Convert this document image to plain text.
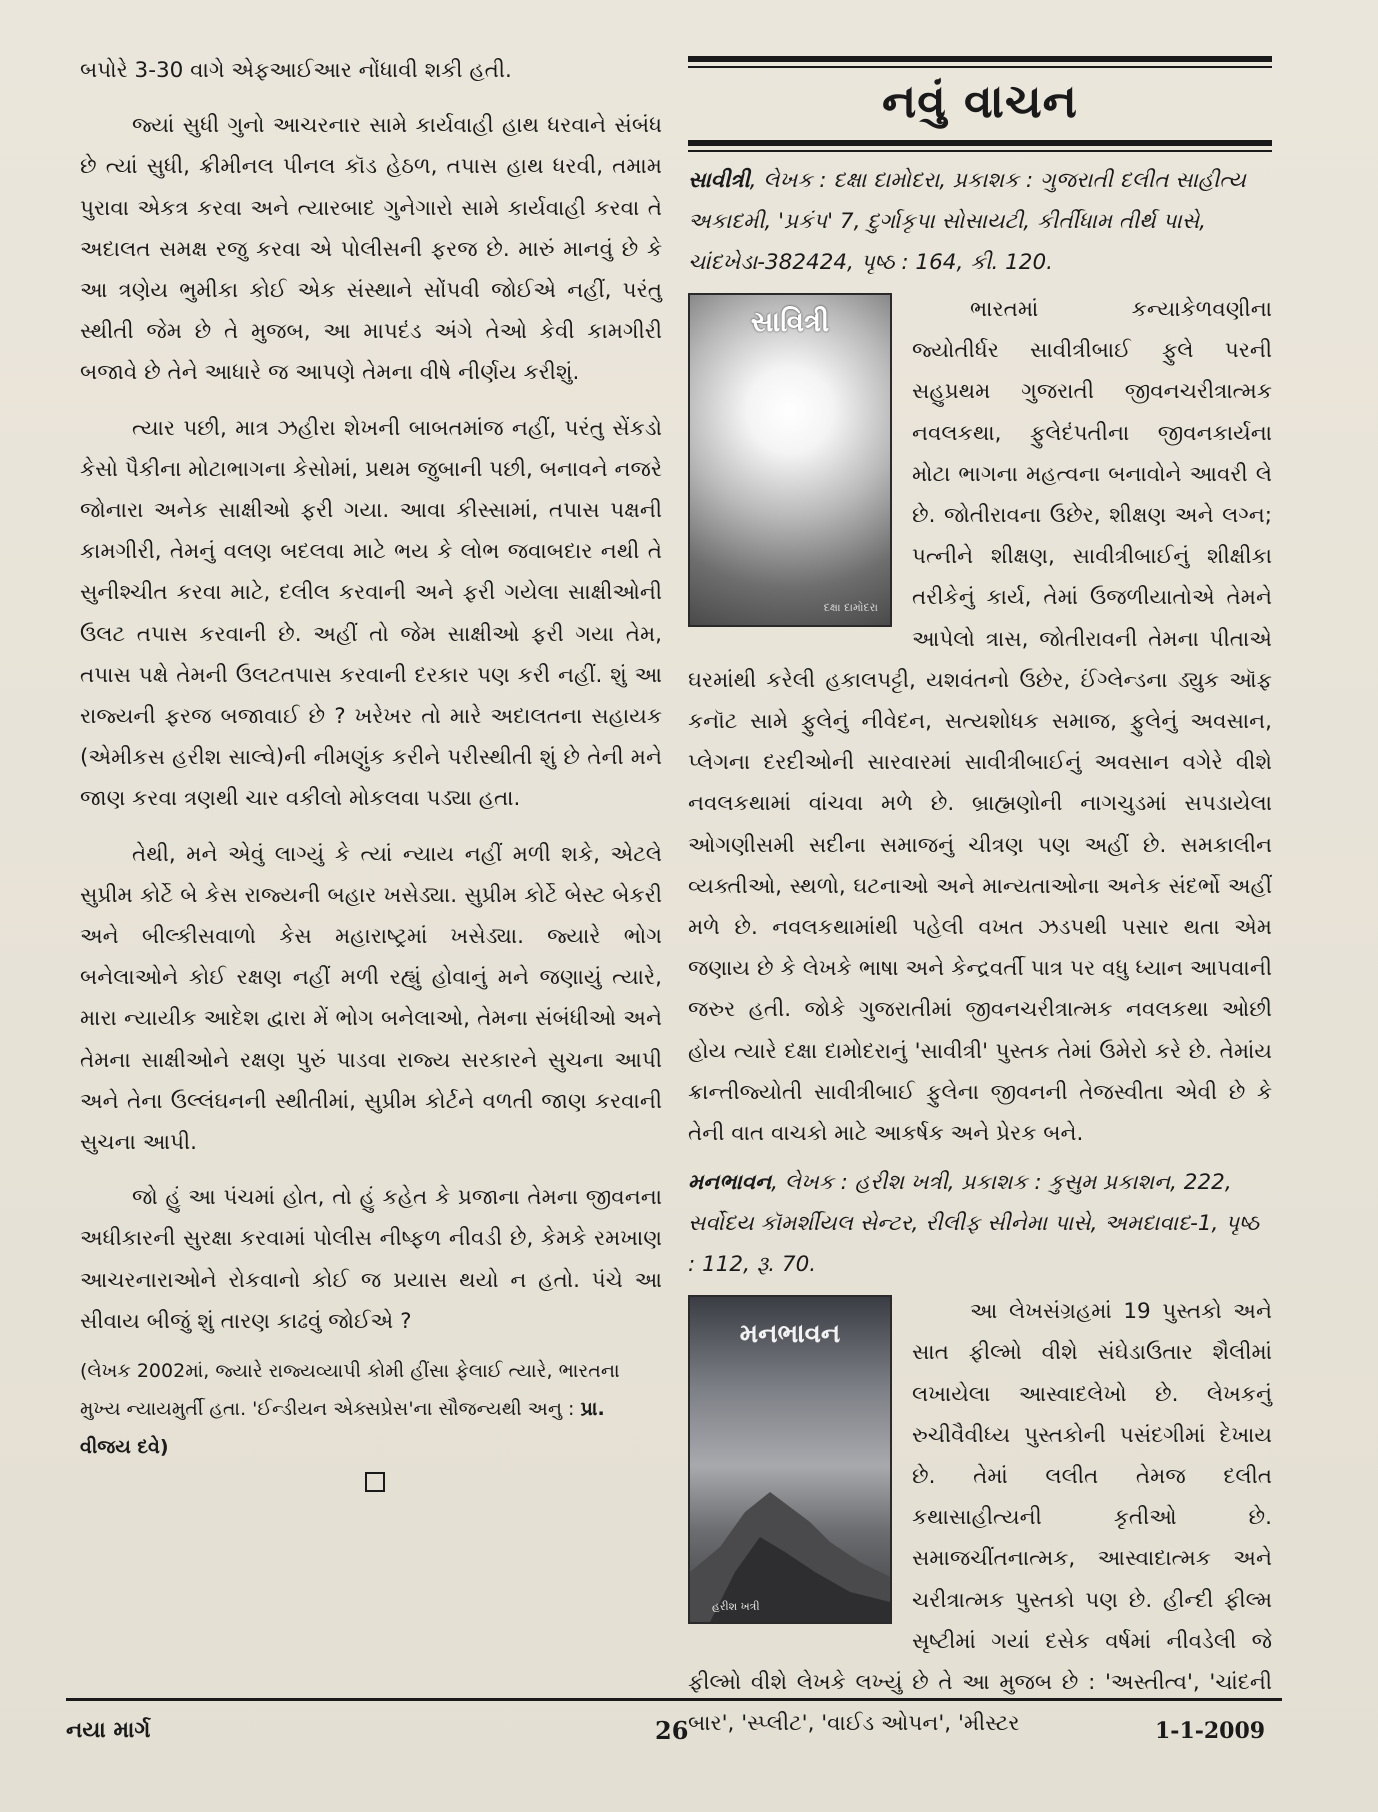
બપોરે 3-30 વાગે એફઆઈઆર નોંધાવી શકી હતી.

જ્યાં સુધી ગુનો આચરનાર સામે કાર્યવાહી હાથ ધરવાને સંબંધ છે ત્યાં સુધી, ક્રીમીનલ પીનલ કૉડ હેઠળ, તપાસ હાથ ધરવી, તમામ પુરાવા એકત્ર કરવા અને ત્યારબાદ ગુનેગારો સામે કાર્યવાહી કરવા તે અદાલત સમક્ષ રજુ કરવા એ પોલીસની ફરજ છે. મારું માનવું છે કે આ ત્રણેય ભુમીકા કોઈ એક સંસ્થાને સોંપવી જોઈએ નહીં, પરંતુ સ્થીતી જેમ છે તે મુજબ, આ માપદંડ અંગે તેઓ કેવી કામગીરી બજાવે છે તેને આધારે જ આપણે તેમના વીષે નીર્ણય કરીશું.

ત્યાર પછી, માત્ર ઝહીરા શેખની બાબતમાંજ નહીં, પરંતુ સેંકડો કેસો પૈકીના મોટાભાગના કેસોમાં, પ્રથમ જુબાની પછી, બનાવને નજરે જોનારા અનેક સાક્ષીઓ ફરી ગયા. આવા કીસ્સામાં, તપાસ પક્ષની કામગીરી, તેમનું વલણ બદલવા માટે ભય કે લોભ જવાબદાર નથી તે સુનીશ્ચીત કરવા માટે, દલીલ કરવાની અને ફરી ગયેલા સાક્ષીઓની ઉલટ તપાસ કરવાની છે. અહીં તો જેમ સાક્ષીઓ ફરી ગયા તેમ, તપાસ પક્ષે તેમની ઉલટતપાસ કરવાની દરકાર પણ કરી નહીં. શું આ રાજ્યની ફરજ બજાવાઈ છે ? ખરેખર તો મારે અદાલતના સહાયક (એમીકસ હરીશ સાલ્વે)ની નીમણુંક કરીને પરીસ્થીતી શું છે તેની મને જાણ કરવા ત્રણથી ચાર વકીલો મોકલવા પડ્યા હતા.

તેથી, મને એવું લાગ્યું કે ત્યાં ન્યાય નહીં મળી શકે, એટલે સુપ્રીમ કોર્ટે બે કેસ રાજ્યની બહાર ખસેડ્યા. સુપ્રીમ કોર્ટે બેસ્ટ બેકરી અને બીલ્કીસવાળો કેસ મહારાષ્ટ્રમાં ખસેડ્યા. જ્યારે ભોગ બનેલાઓને કોઈ રક્ષણ નહીં મળી રહ્યું હોવાનું મને જણાયું ત્યારે, મારા ન્યાયીક આદેશ દ્વારા મેં ભોગ બનેલાઓ, તેમના સંબંધીઓ અને તેમના સાક્ષીઓને રક્ષણ પુરું પાડવા રાજ્ય સરકારને સુચના આપી અને તેના ઉલ્લંઘનની સ્થીતીમાં, સુપ્રીમ કોર્ટને વળતી જાણ કરવાની સુચના આપી.

જો હું આ પંચમાં હોત, તો હું કહેત કે પ્રજાના તેમના જીવનના અધીકારની સુરક્ષા કરવામાં પોલીસ નીષ્ફળ નીવડી છે, કેમકે રમખાણ આચરનારાઓને રોકવાનો કોઈ જ પ્રયાસ થયો ન હતો. પંચે આ સીવાય બીજું શું તારણ કાઢવું જોઈએ ?

(લેખક 2002માં, જ્યારે રાજ્યવ્યાપી કોમી હીંસા ફેલાઈ ત્યારે, ભારતના મુખ્ય ન્યાયમુર્તી હતા. 'ઈન્ડીયન એક્સપ્રેસ'ના સૌજન્યથી અનુ : પ્રા. વીજય દવે)

નવું વાચન

સાવીત્રી, લેખક : દક્ષા દામોદરા, પ્રકાશક : ગુજરાતી દલીત સાહીત્ય અકાદમી, 'પ્રકંપ' 7, દુર્ગાકૃપા સોસાયટી, કીર્તીધામ તીર્થ પાસે, ચાંદખેડા-382424, પૃષ્ઠ : 164, કી. 120.

સાવિત્રી
દક્ષા દામોદરા

ભારતમાં કન્યાકેળવણીના જ્યોતીર્ધર સાવીત્રીબાઈ ફુલે પરની સહુપ્રથમ ગુજરાતી જીવનચરીત્રાત્મક નવલકથા, ફુલેદંપતીના જીવનકાર્યના મોટા ભાગના મહત્વના બનાવોને આવરી લે છે. જોતીરાવના ઉછેર, શીક્ષણ અને લગ્ન; પત્નીને શીક્ષણ, સાવીત્રીબાઈનું શીક્ષીકા તરીકેનું કાર્ય, તેમાં ઉજળીયાતોએ તેમને આપેલો ત્રાસ, જોતીરાવની તેમના પીતાએ ઘરમાંથી કરેલી હકાલપટ્ટી, યશવંતનો ઉછેર, ઈંગ્લેન્ડના ડ્યુક ઑફ કનૉટ સામે ફુલેનું નીવેદન, સત્યશોધક સમાજ, ફુલેનું અવસાન, પ્લેગના દરદીઓની સારવારમાં સાવીત્રીબાઈનું અવસાન વગેરે વીશે નવલકથામાં વાંચવા મળે છે. બ્રાહ્મણોની નાગચુડમાં સપડાયેલા ઓગણીસમી સદીના સમાજનું ચીત્રણ પણ અહીં છે. સમકાલીન વ્યક્તીઓ, સ્થળો, ઘટનાઓ અને માન્યતાઓના અનેક સંદર્ભો અહીં મળે છે. નવલકથામાંથી પહેલી વખત ઝડપથી પસાર થતા એમ જણાય છે કે લેખકે ભાષા અને કેન્દ્રવર્તી પાત્ર પર વધુ ધ્યાન આપવાની જરુર હતી. જોકે ગુજરાતીમાં જીવનચરીત્રાત્મક નવલકથા ઓછી હોય ત્યારે દક્ષા દામોદરાનું 'સાવીત્રી' પુસ્તક તેમાં ઉમેરો કરે છે. તેમાંય ક્રાન્તીજ્યોતી સાવીત્રીબાઈ ફુલેના જીવનની તેજસ્વીતા એવી છે કે તેની વાત વાચકો માટે આકર્ષક અને પ્રેરક બને.

મનભાવન, લેખક : હરીશ ખત્રી, પ્રકાશક : કુસુમ પ્રકાશન, 222, સર્વોદય કૉમર્શીયલ સેન્ટર, રીલીફ સીનેમા પાસે, અમદાવાદ-1, પૃષ્ઠ : 112, રૂ. 70.

મનભાવન
હરીશ ખત્રી

આ લેખસંગ્રહમાં 19 પુસ્તકો અને સાત ફીલ્મો વીશે સંઘેડાઉતાર શૈલીમાં લખાયેલા આસ્વાદલેખો છે. લેખકનું રુચીવૈવીધ્ય પુસ્તકોની પસંદગીમાં દેખાય છે. તેમાં લલીત તેમજ દલીત કથાસાહીત્યની કૃતીઓ છે. સમાજચીંતનાત્મક, આસ્વાદાત્મક અને ચરીત્રાત્મક પુસ્તકો પણ છે. હીન્દી ફીલ્મ સૃષ્ટીમાં ગયાં દસેક વર્ષમાં નીવડેલી જે ફીલ્મો વીશે લેખકે લખ્યું છે તે આ મુજબ છે : 'અસ્તીત્વ', 'ચાંદની બાર', 'સ્પ્લીટ', 'વાઈડ ઓપન', 'મીસ્ટર

નયા માર્ગ	26	1-1-2009
